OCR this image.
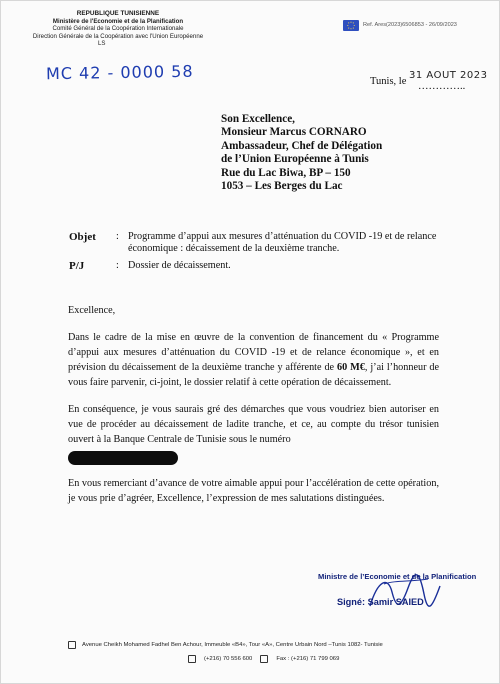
REPUBLIQUE TUNISIENNE
Ministère de l'Economie et de la Planification
Comité Général de la Coopération Internationale
Direction Générale de la Coopération avec l'Union Européenne
LS
MC 42 - 0000 58
Ref. Ares(2023)6506853 - 26/09/2023
Tunis, le 31 AOUT 2023

…………..
Son Excellence,
Monsieur Marcus CORNARO
Ambassadeur, Chef de Délégation
de l’Union Européenne à Tunis
Rue du Lac Biwa, BP – 150
1053 – Les Berges du Lac
Objet	: Programme d’appui aux mesures d’atténuation du COVID -19 et de relance économique : décaissement de la deuxième tranche.
P/J	: Dossier de décaissement.

Excellence,

Dans le cadre de la mise en œuvre de la convention de financement du « Programme d’appui aux mesures d’atténuation du COVID -19 et de relance économique », et en prévision du décaissement de la deuxième tranche y afférente de 60 M€, j’ai l’honneur de vous faire parvenir, ci-joint, le dossier relatif à cette opération de décaissement.

En conséquence, je vous saurais gré des démarches que vous voudriez bien autoriser en vue de procéder au décaissement de ladite tranche, et ce, au compte du trésor tunisien ouvert à la Banque Centrale de Tunisie sous le numéro

En vous remerciant d’avance de votre aimable appui pour l’accélération de cette opération, je vous prie d’agréer, Excellence, l’expression de mes salutations distinguées.

Ministre de l’Economie et de la Planification
Signé: Samir SAIED
Avenue Cheikh Mohamed Fadhel Ben Achour, Immeuble «B4», Tour «A», Centre Urbain Nord –Tunis 1082- Tunisie
(+216) 70 556 600	Fax : (+216) 71 799 069
